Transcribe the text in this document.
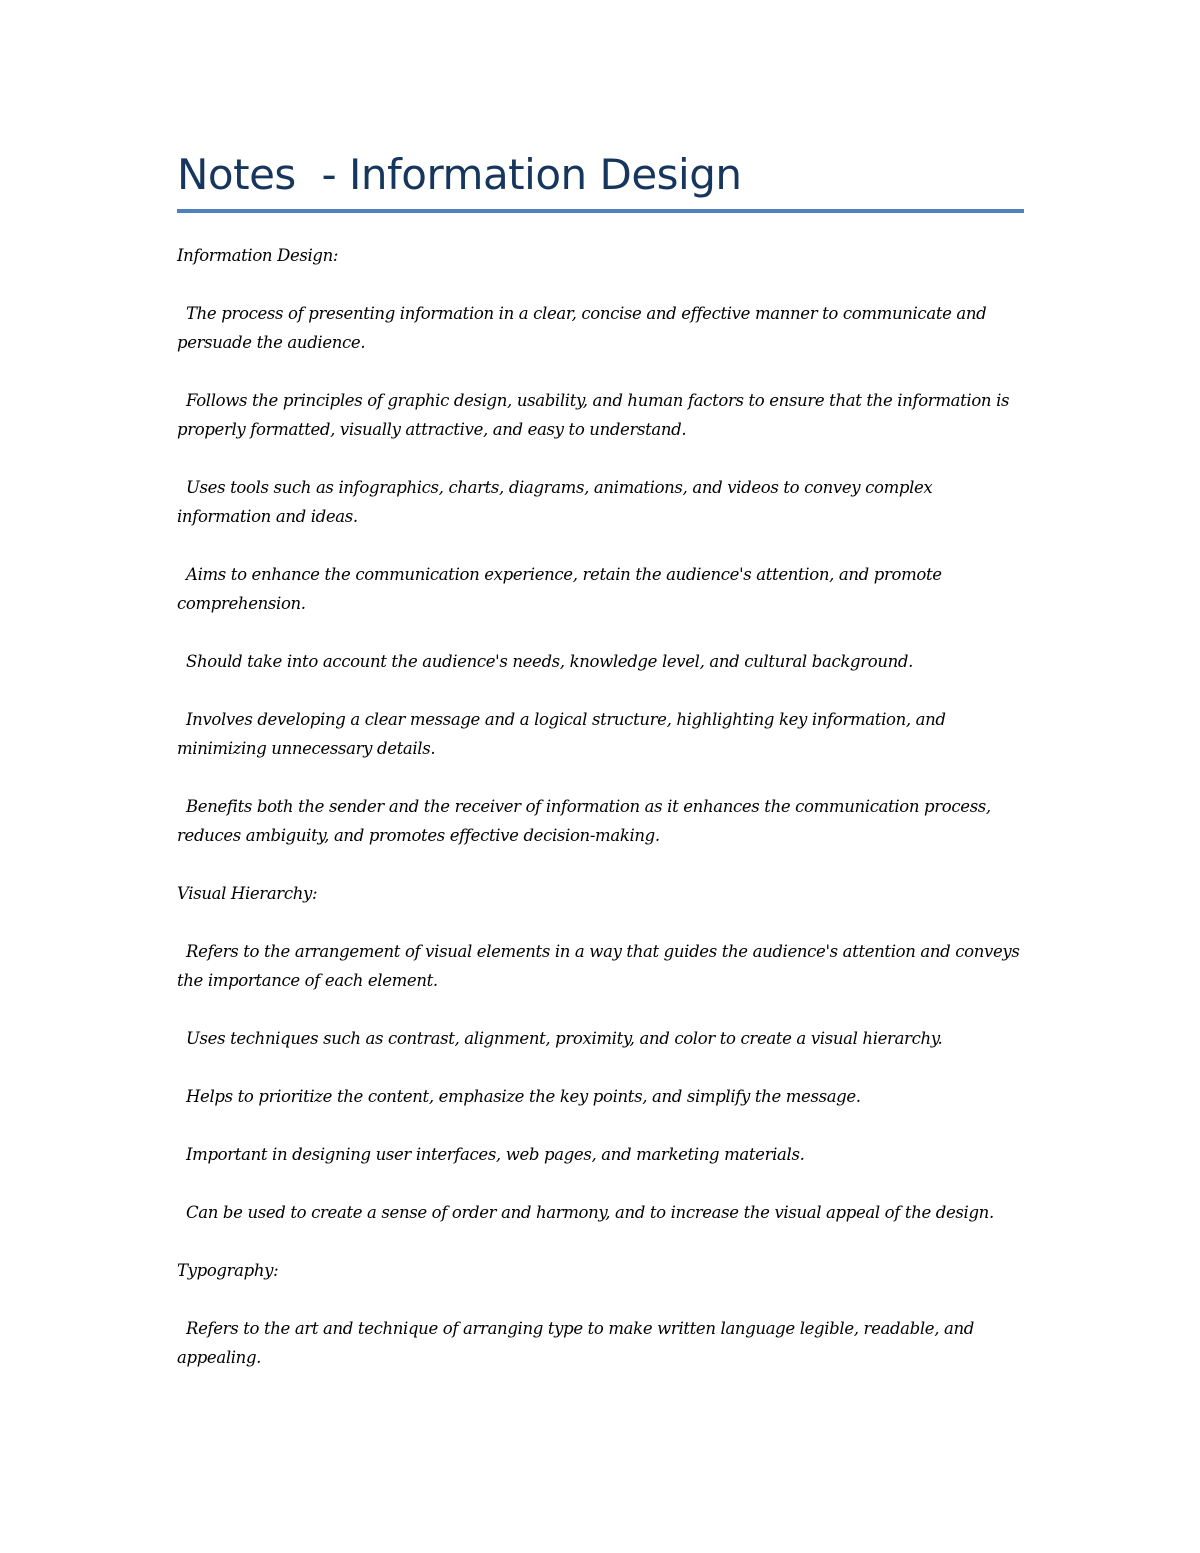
Notes  - Information Design

Information Design:

The process of presenting information in a clear, concise and effective manner to communicate and persuade the audience.

Follows the principles of graphic design, usability, and human factors to ensure that the information is properly formatted, visually attractive, and easy to understand.

Uses tools such as infographics, charts, diagrams, animations, and videos to convey complex information and ideas.

Aims to enhance the communication experience, retain the audience's attention, and promote comprehension.

Should take into account the audience's needs, knowledge level, and cultural background.

Involves developing a clear message and a logical structure, highlighting key information, and minimizing unnecessary details.

Benefits both the sender and the receiver of information as it enhances the communication process, reduces ambiguity, and promotes effective decision-making.

Visual Hierarchy:

Refers to the arrangement of visual elements in a way that guides the audience's attention and conveys the importance of each element.

Uses techniques such as contrast, alignment, proximity, and color to create a visual hierarchy.

Helps to prioritize the content, emphasize the key points, and simplify the message.

Important in designing user interfaces, web pages, and marketing materials.

Can be used to create a sense of order and harmony, and to increase the visual appeal of the design.

Typography:

Refers to the art and technique of arranging type to make written language legible, readable, and appealing.
